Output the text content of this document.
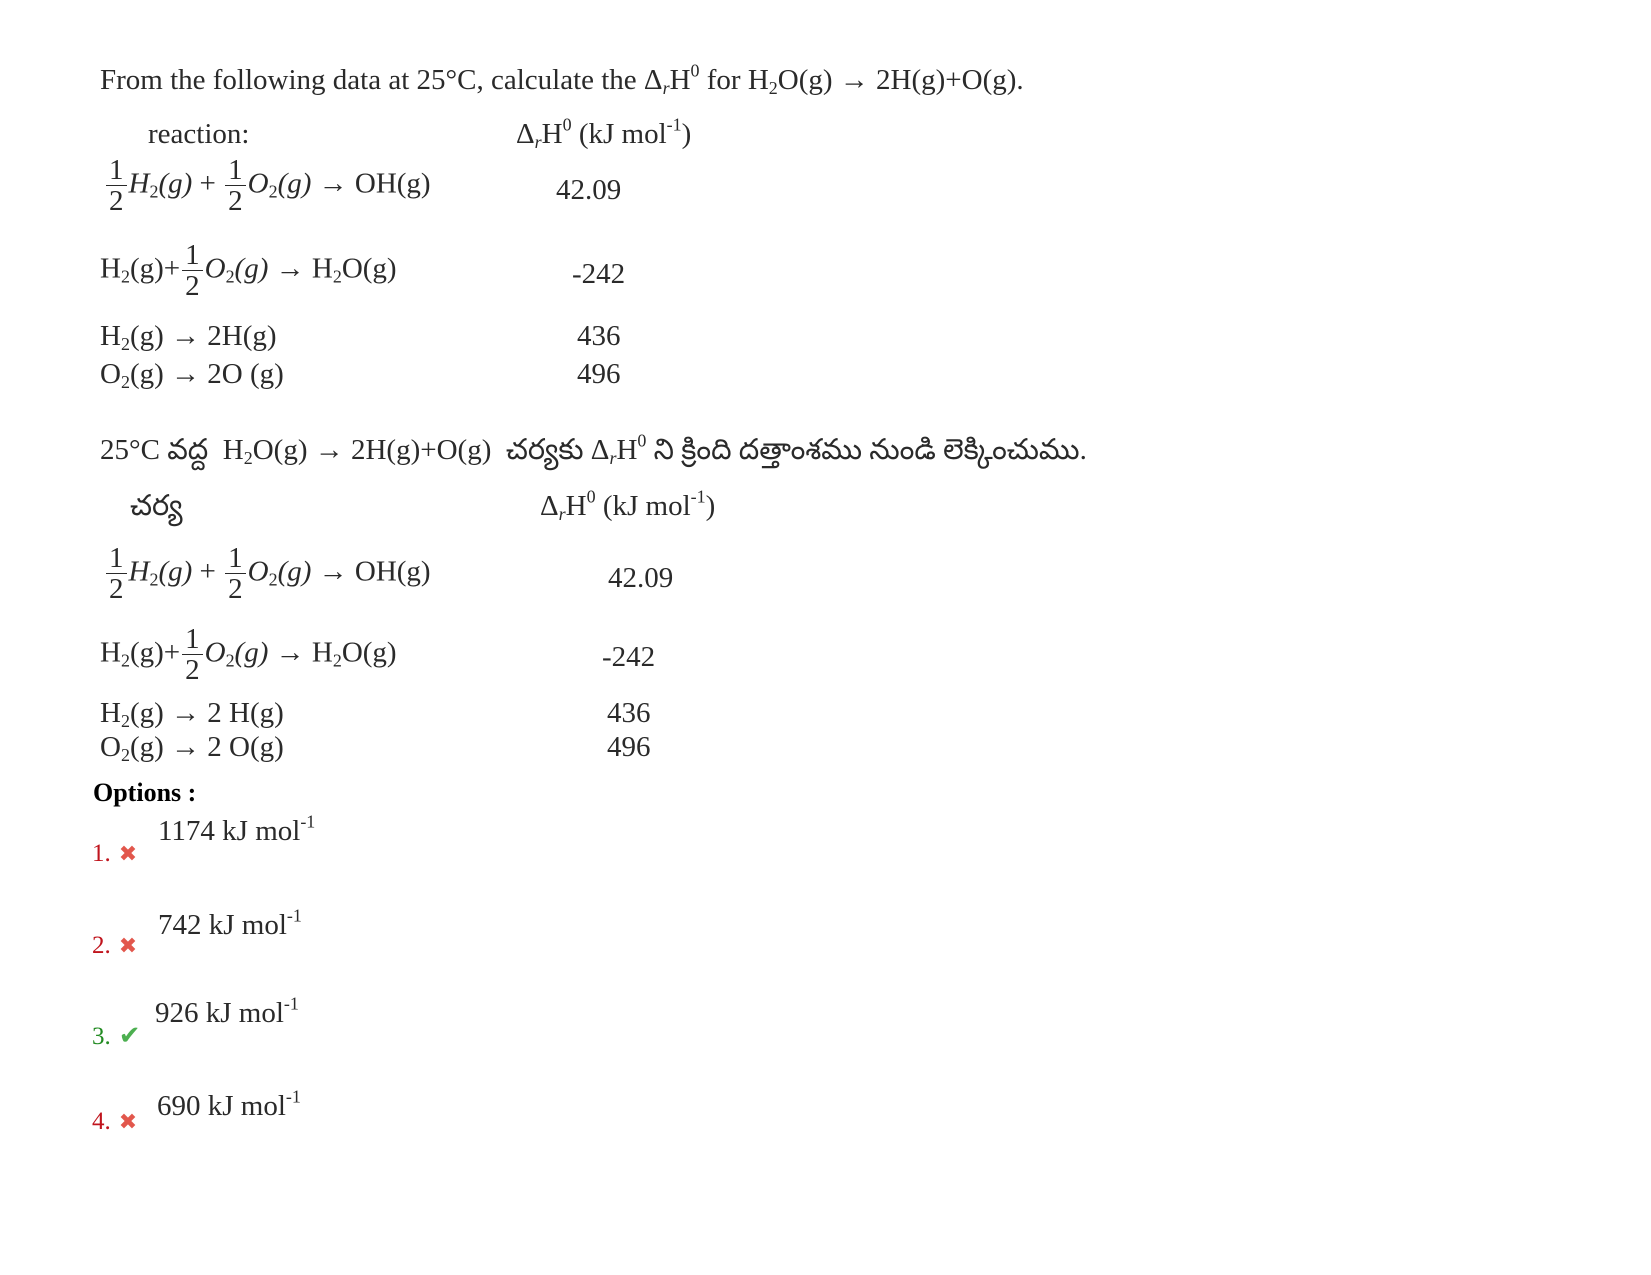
From the following data at 25°C, calculate the $\Delta_rH^0$ for $H_2O(g) \to 2H(g)+O(g)$.
reaction:	$\Delta_rH^0$ (kJ mol$^{-1}$)
$\frac{1}{2} H_2(g) + \frac{1}{2} O_2(g) \to OH(g)$	42.09
$H_2(g)+ \frac{1}{2} O_2(g) \to H_2O(g)$	-242
$H_2(g) \to 2H(g)$	436
$O_2(g) \to 2O$ (g)	496
25°C వద్ద  $H_2O(g) \to 2H(g)+O(g)$  చర్యకు $\Delta_rH^0$ ని క్రింది దత్తాంశము నుండి లెక్కించుము.
చర్య	$\Delta_rH^0$ (kJ mol$^{-1}$)
$\frac{1}{2} H_2(g) + \frac{1}{2} O_2(g) \to OH(g)$	42.09
$H_2(g)+ \frac{1}{2} O_2(g) \to H_2O(g)$	-242
$H_2(g) \to 2$ H(g)	436
$O_2(g) \to 2$ O(g)	496
Options :
1. ✖
1174 kJ mol$^{-1}$
2. ✖
742 kJ mol$^{-1}$
3. ✔
926 kJ mol$^{-1}$
4. ✖ 690 kJ mol$^{-1}$
